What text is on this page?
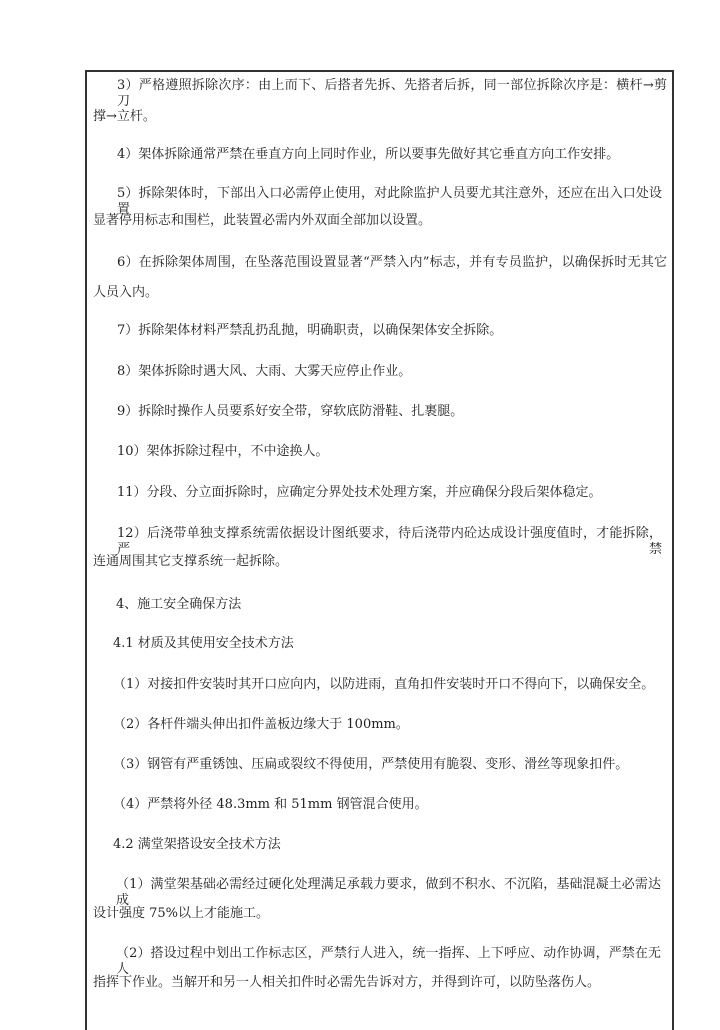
3）严格遵照拆除次序：由上而下、后搭者先拆、先搭者后拆，同一部位拆除次序是：横杆→剪刀
撑→立杆。
4）架体拆除通常严禁在垂直方向上同时作业，所以要事先做好其它垂直方向工作安排。
5）拆除架体时，下部出入口必需停止使用，对此除监护人员要尤其注意外，还应在出入口处设置
显著停用标志和围栏，此装置必需内外双面全部加以设置。
6）在拆除架体周围，在坠落范围设置显著“严禁入内”标志，并有专员监护，以确保拆时无其它
人员入内。
7）拆除架体材料严禁乱扔乱抛，明确职责，以确保架体安全拆除。
8）架体拆除时遇大风、大雨、大雾天应停止作业。
9）拆除时操作人员要系好安全带，穿软底防滑鞋、扎裹腿。
10）架体拆除过程中，不中途换人。
11）分段、分立面拆除时，应确定分界处技术处理方案，并应确保分段后架体稳定。
12）后浇带单独支撑系统需依据设计图纸要求，待后浇带内砼达成设计强度值时，才能拆除，严禁
连通周围其它支撑系统一起拆除。
4、施工安全确保方法
4.1 材质及其使用安全技术方法
（1）对接扣件安装时其开口应向内，以防进雨，直角扣件安装时开口不得向下，以确保安全。
（2）各杆件端头伸出扣件盖板边缘大于 100mm。
（3）钢管有严重锈蚀、压扁或裂纹不得使用，严禁使用有脆裂、变形、滑丝等现象扣件。
（4）严禁将外径 48.3mm 和 51mm 钢管混合使用。
4.2 满堂架搭设安全技术方法
（1）满堂架基础必需经过硬化处理满足承载力要求，做到不积水、不沉陷，基础混凝土必需达成
设计强度 75%以上才能施工。
（2）搭设过程中划出工作标志区，严禁行人进入，统一指挥、上下呼应、动作协调，严禁在无人
指挥下作业。当解开和另一人相关扣件时必需先告诉对方，并得到许可，以防坠落伤人。
